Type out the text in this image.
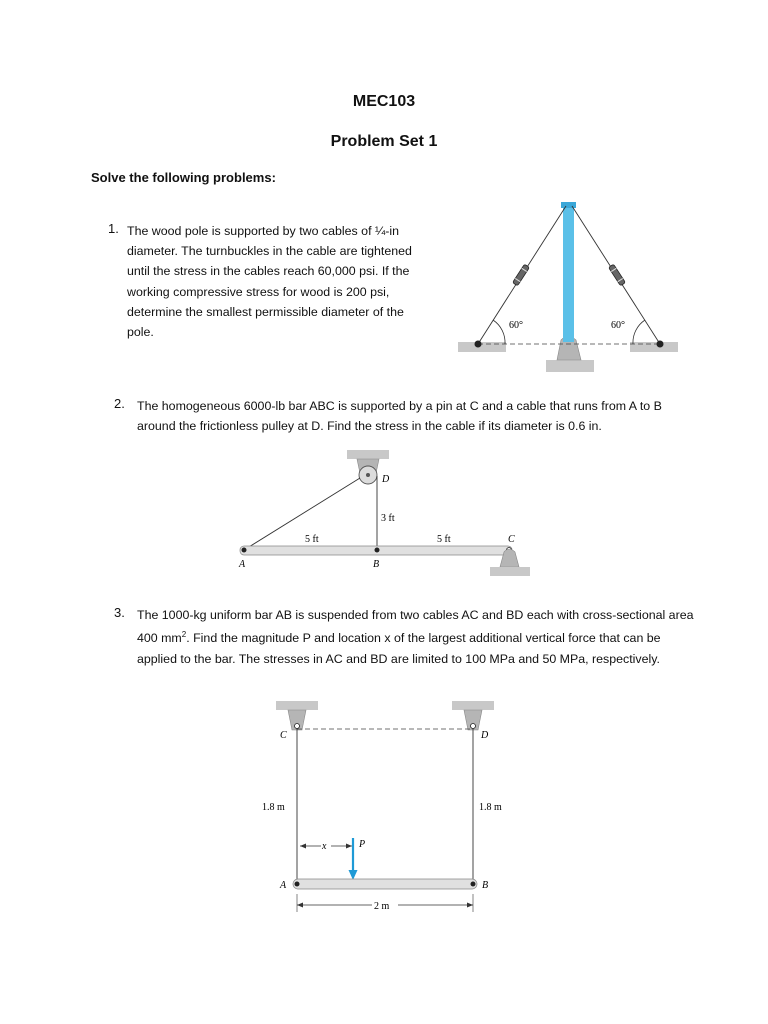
MEC103
Problem Set 1
Solve the following problems:
1. The wood pole is supported by two cables of ¼-in diameter. The turnbuckles in the cable are tightened until the stress in the cables reach 60,000 psi. If the working compressive stress for wood is 200 psi, determine the smallest permissible diameter of the pole.	60°	60°
2. The homogeneous 6000-lb bar ABC is supported by a pin at C and a cable that runs from A to B around the frictionless pulley at D. Find the stress in the cable if its diameter is 0.6 in.
D
3 ft
5 ft	5 ft	C
A	B
3. The 1000-kg uniform bar AB is suspended from two cables AC and BD each with cross-sectional area 400 $mm^2$. Find the magnitude P and location x of the largest additional vertical force that can be applied to the bar. The stresses in AC and BD are limited to 100 MPa and 50 MPa, respectively.
C	D
1.8 m	1.8 m
x	P
A	B
2 m
